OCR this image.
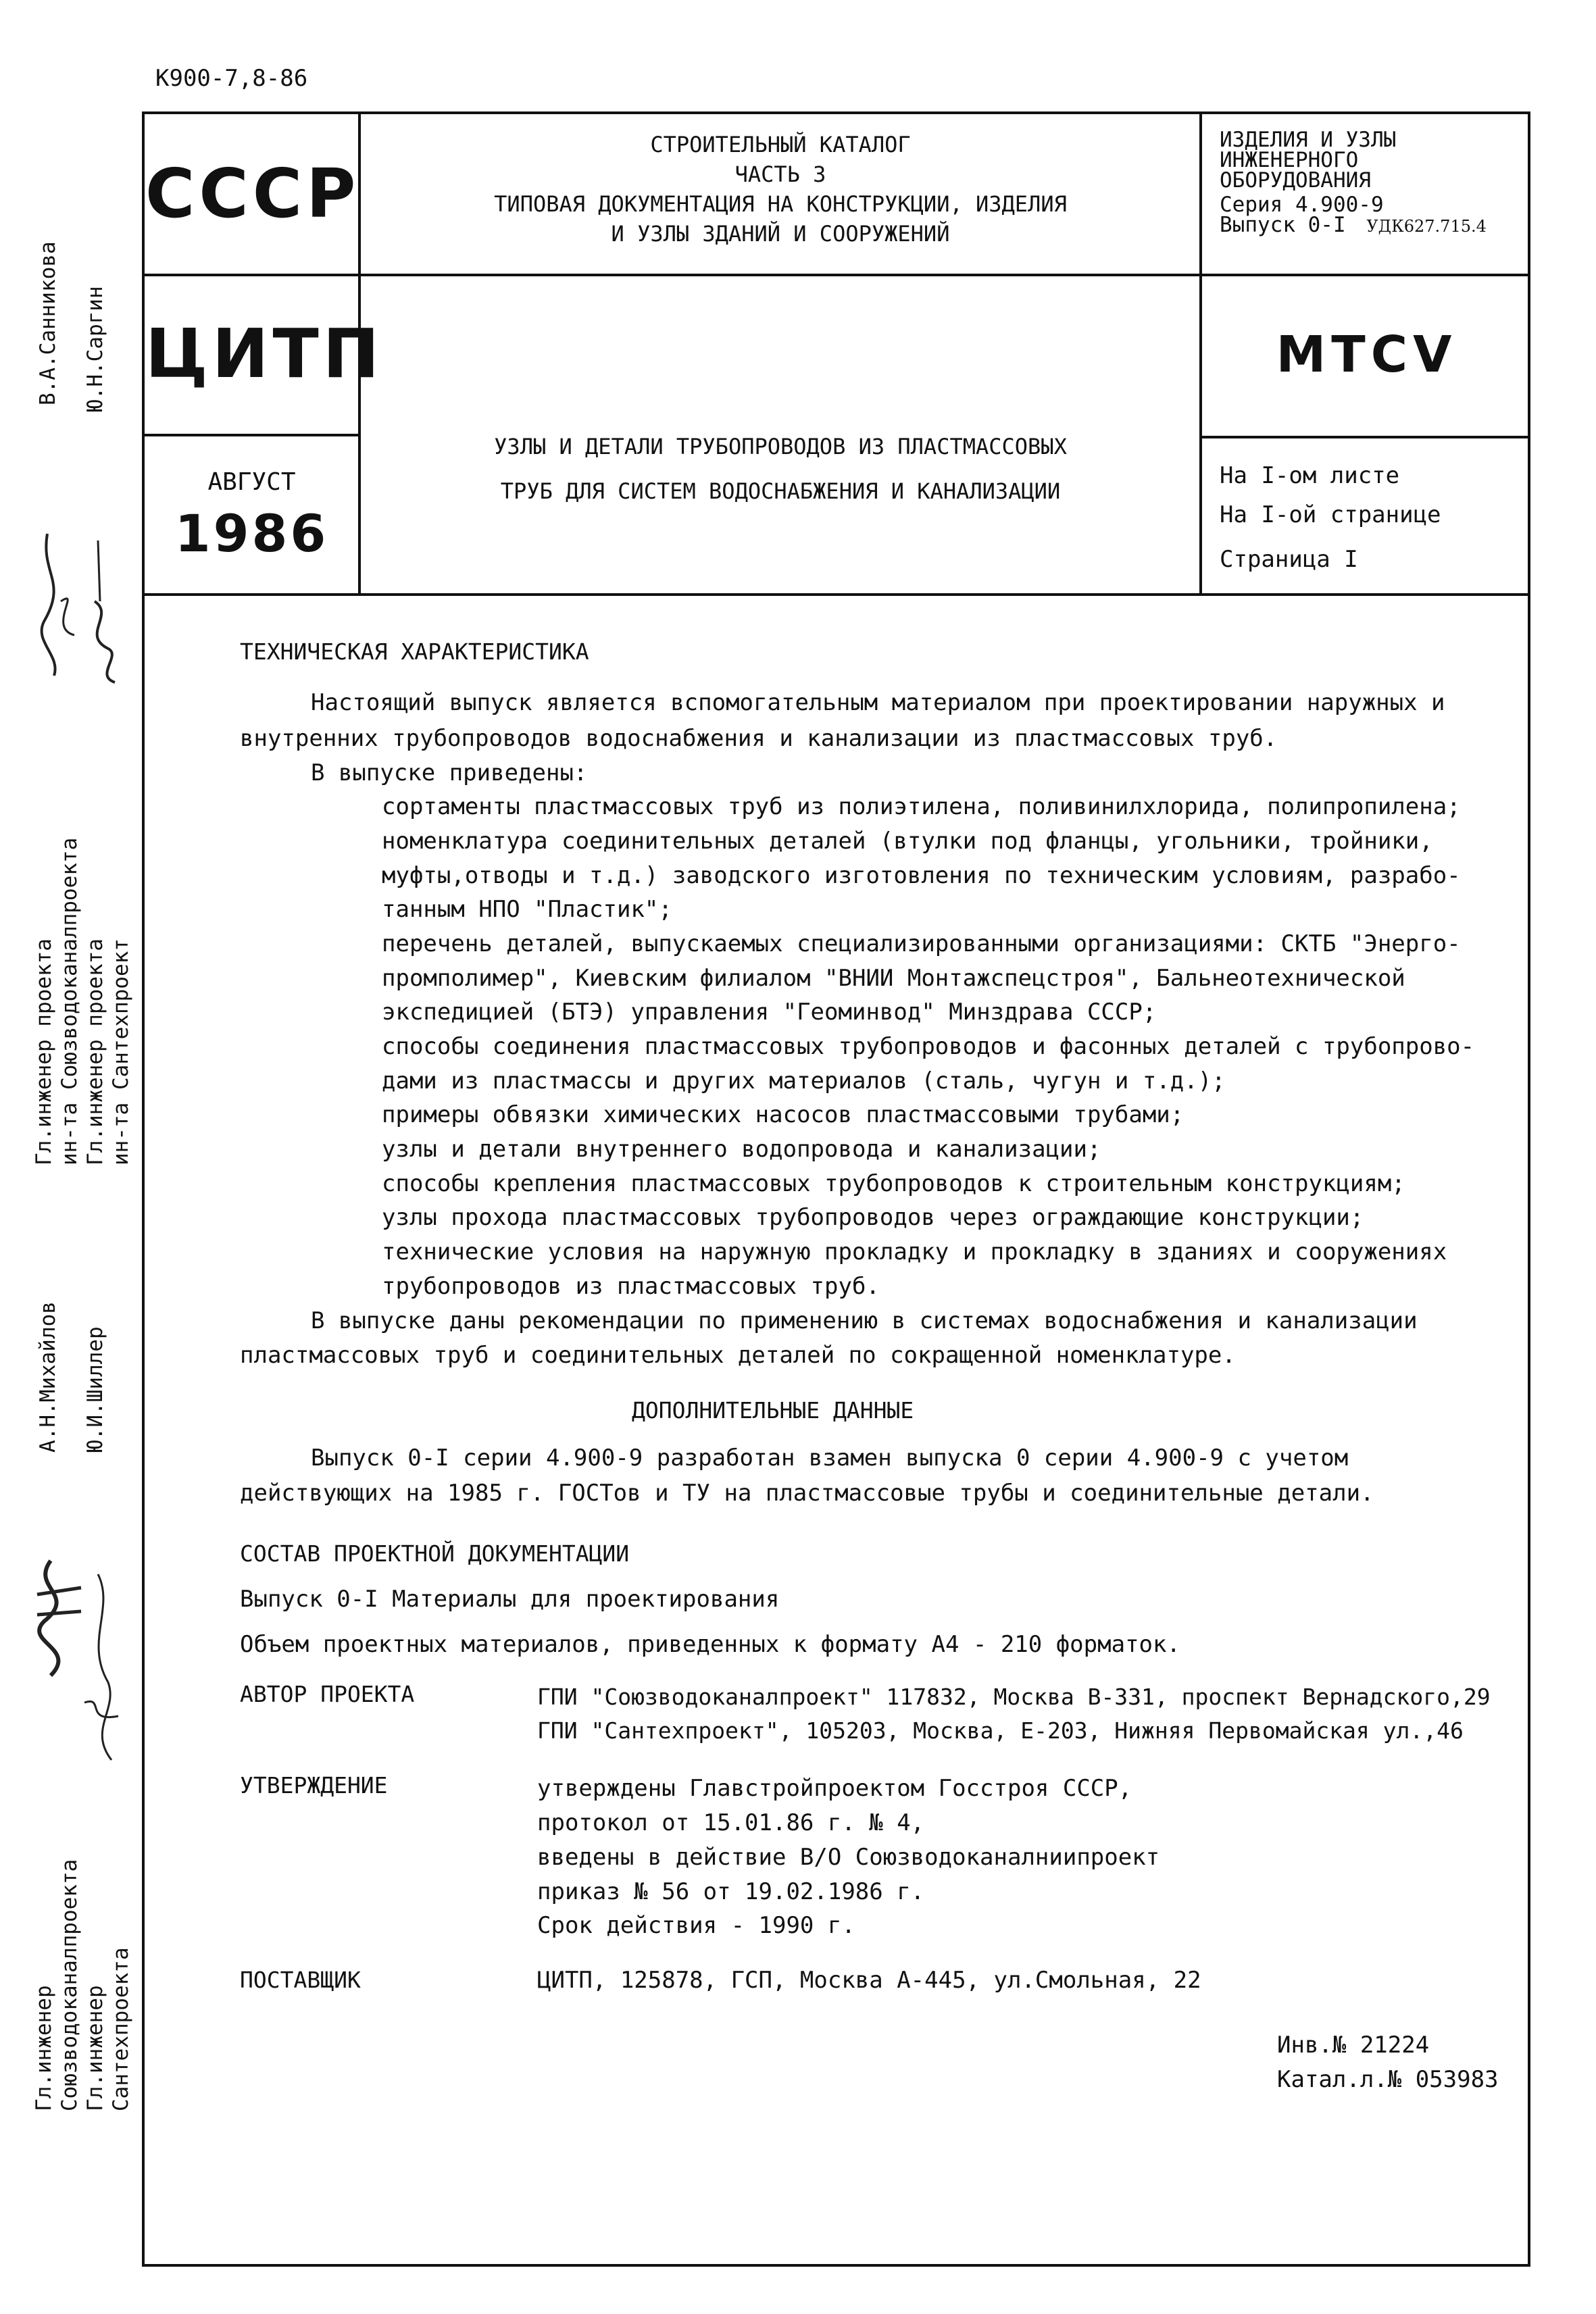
К900-7,8-86
СССР
ЦИТП
АВГУСТ
1986
СТРОИТЕЛЬНЫЙ КАТАЛОГ
ЧАСТЬ 3
ТИПОВАЯ ДОКУМЕНТАЦИЯ НА КОНСТРУКЦИИ, ИЗДЕЛИЯ
И УЗЛЫ ЗДАНИЙ И СООРУЖЕНИЙ
УЗЛЫ И ДЕТАЛИ ТРУБОПРОВОДОВ ИЗ ПЛАСТМАССОВЫХ
ТРУБ ДЛЯ СИСТЕМ ВОДОСНАБЖЕНИЯ И КАНАЛИЗАЦИИ
ИЗДЕЛИЯ И УЗЛЫ
ИНЖЕНЕРНОГО
ОБОРУДОВАНИЯ
Серия 4.900-9
Выпуск 0-I УДК627.715.4
MTCV
На I-ом листе
На I-ой странице
Страница I
ТЕХНИЧЕСКАЯ ХАРАКТЕРИСТИКА
Настоящий выпуск является вспомогательным материалом при проектировании наружных и
внутренних трубопроводов водоснабжения и канализации из пластмассовых труб.
В выпуске приведены:
сортаменты пластмассовых труб из полиэтилена, поливинилхлорида, полипропилена;
номенклатура соединительных деталей (втулки под фланцы, угольники, тройники,
муфты,отводы и т.д.) заводского изготовления по техническим условиям, разрабо-
танным НПО "Пластик";
перечень деталей, выпускаемых специализированными организациями: СКТБ "Энерго-
промполимер", Киевским филиалом "ВНИИ Монтажспецстроя", Бальнеотехнической
экспедицией (БТЭ) управления "Геоминвод" Минздрава СССР;
способы соединения пластмассовых трубопроводов и фасонных деталей с трубопрово-
дами из пластмассы и других материалов (сталь, чугун и т.д.);
примеры обвязки химических насосов пластмассовыми трубами;
узлы и детали внутреннего водопровода и канализации;
способы крепления пластмассовых трубопроводов к строительным конструкциям;
узлы прохода пластмассовых трубопроводов через ограждающие конструкции;
технические условия на наружную прокладку и прокладку в зданиях и сооружениях
трубопроводов из пластмассовых труб.
В выпуске даны рекомендации по применению в системах водоснабжения и канализации
пластмассовых труб и соединительных деталей по сокращенной номенклатуре.
ДОПОЛНИТЕЛЬНЫЕ ДАННЫЕ
Выпуск 0-I серии 4.900-9 разработан взамен выпуска 0 серии 4.900-9 с учетом
действующих на 1985 г. ГОСТов и ТУ на пластмассовые трубы и соединительные детали.
СОСТАВ ПРОЕКТНОЙ ДОКУМЕНТАЦИИ
Выпуск 0-I Материалы для проектирования
Объем проектных материалов, приведенных к формату А4 - 210 форматок.
АВТОР ПРОЕКТА	ГПИ "Союзводоканалпроект" 117832, Москва В-331, проспект Вернадского,29
ГПИ "Сантехпроект", 105203, Москва, Е-203, Нижняя Первомайская ул.,46
УТВЕРЖДЕНИЕ	утверждены Главстройпроектом Госстроя СССР,
протокол от 15.01.86 г. № 4,
введены в действие В/О Союзводоканалниипроект
приказ № 56 от 19.02.1986 г.
Срок действия - 1990 г.
ПОСТАВЩИК	ЦИТП, 125878, ГСП, Москва А-445, ул.Смольная, 22
Инв.№ 21224
Катал.л.№ 053983
В.А.Санникова Ю.Н.Саргин
Гл.инженер проекта ин-та Союзводоканалпроекта Гл.инженер проекта ин-та Сантехпроект
А.Н.Михайлов Ю.И.Шиллер
Гл.инженер Союзводоканалпроекта Гл.инженер Сантехпроекта
